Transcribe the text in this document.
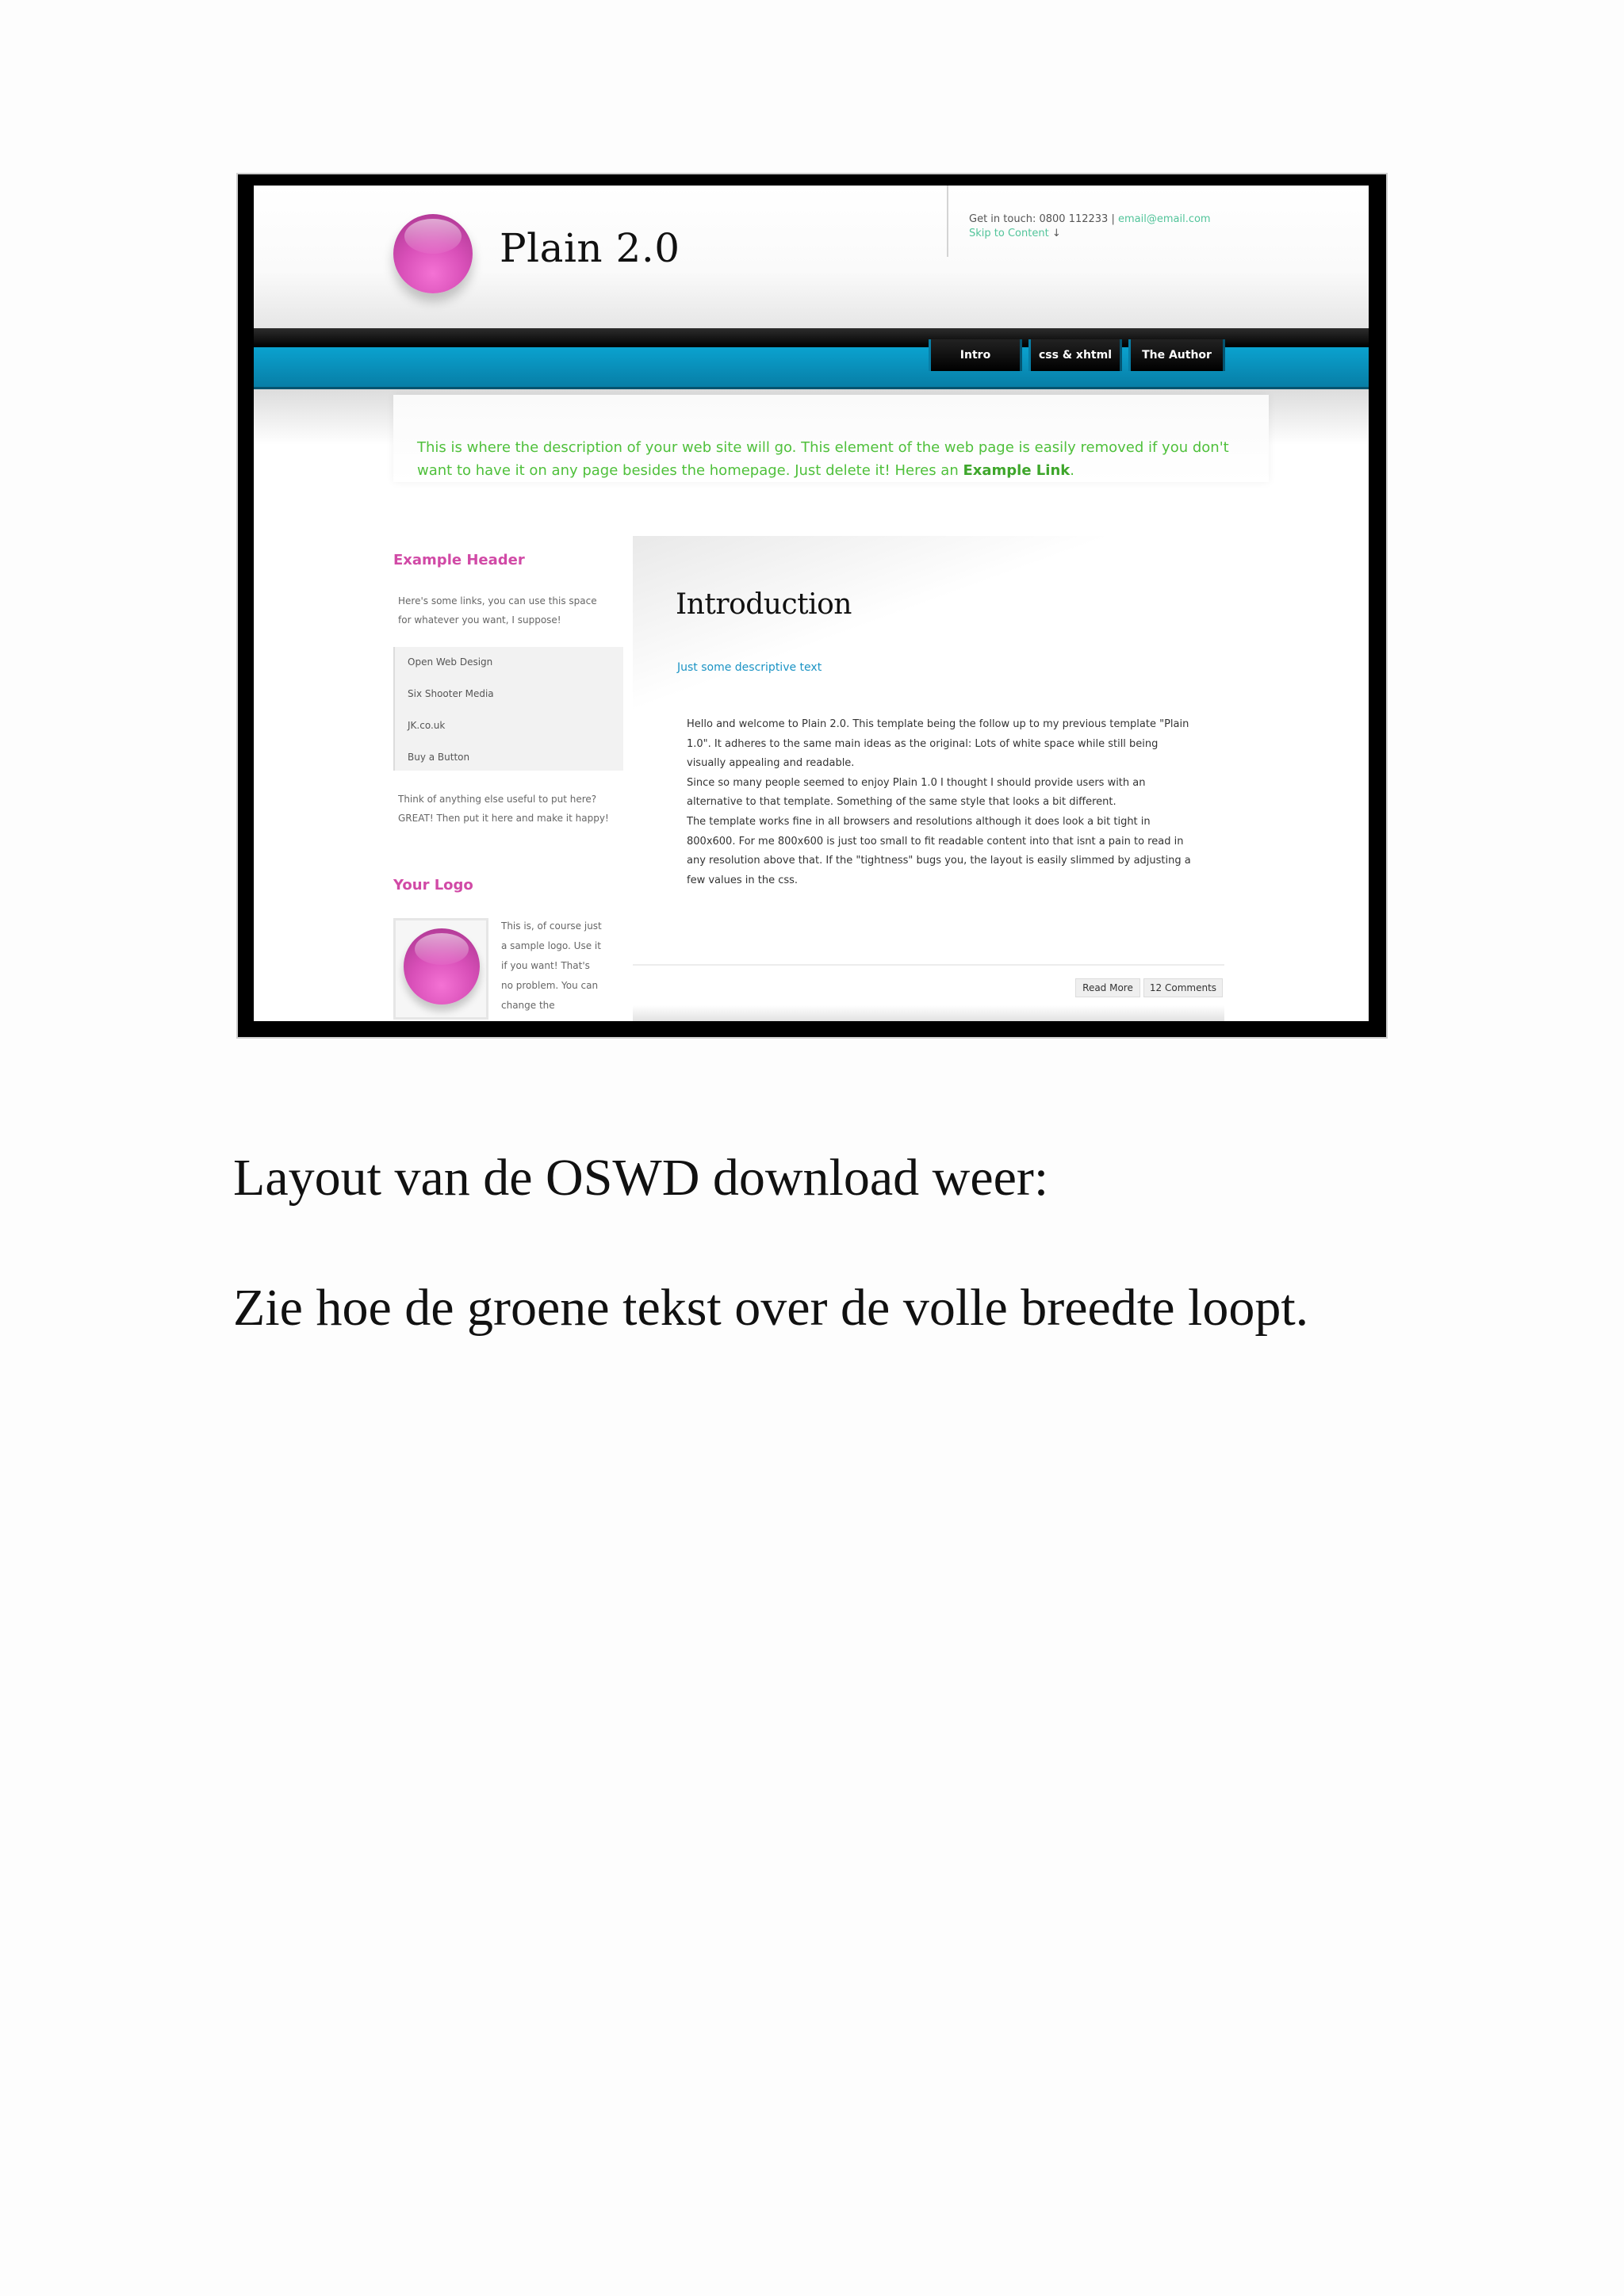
Plain 2.0
Get in touch: 0800 112233 | email@email.com
Skip to Content ↓
Intro	css & xhtml	The Author

This is where the description of your web site will go. This element of the web page is easily removed if you don't want to have it on any page besides the homepage. Just delete it! Heres an Example Link.

Example Header
Here's some links, you can use this space for whatever you want, I suppose!
Open Web Design
Six Shooter Media
JK.co.uk
Buy a Button
Think of anything else useful to put here? GREAT! Then put it here and make it happy!
Your Logo
This is, of course just a sample logo. Use it if you want! That's no problem. You can change the
Introduction
Just some descriptive text

Hello and welcome to Plain 2.0. This template being the follow up to my previous template "Plain 1.0". It adheres to the same main ideas as the original: Lots of white space while still being visually appealing and readable.

Since so many people seemed to enjoy Plain 1.0 I thought I should provide users with an alternative to that template. Something of the same style that looks a bit different.

The template works fine in all browsers and resolutions although it does look a bit tight in 800x600. For me 800x600 is just too small to fit readable content into that isnt a pain to read in any resolution above that. If the "tightness" bugs you, the layout is easily slimmed by adjusting a few values in the css.

Read More	12 Comments

Layout van de OSWD download weer:

Zie hoe de groene tekst over de volle breedte loopt.
